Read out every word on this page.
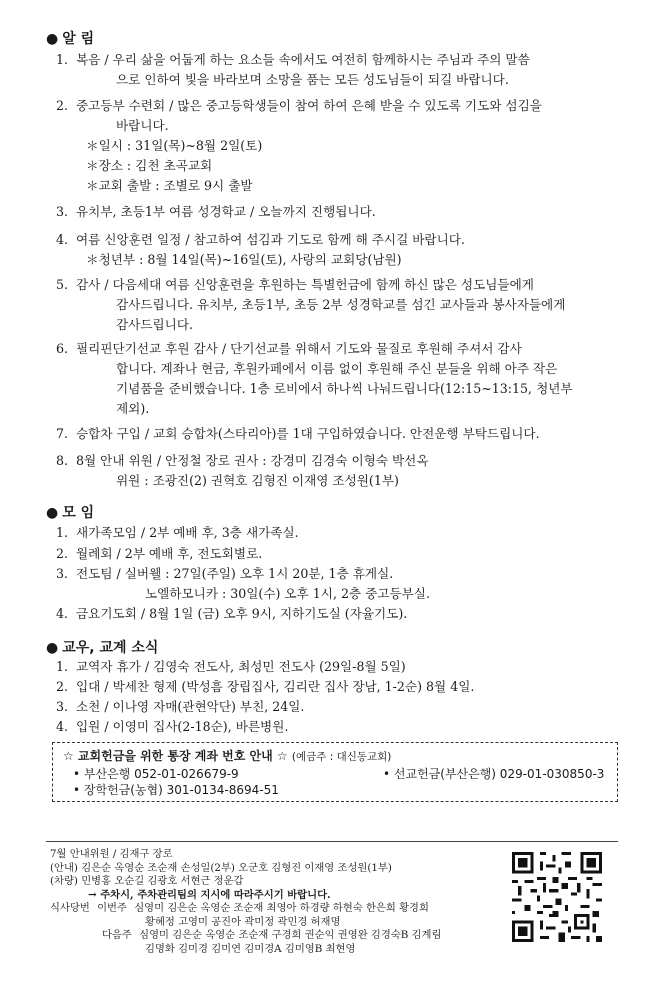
● 알 림
1. 복음 / 우리 삶을 어둡게 하는 요소들 속에서도 여전히 함께하시는 주님과 주의 말씀
으로 인하여 빛을 바라보며 소망을 품는 모든 성도님들이 되길 바랍니다.
2. 중고등부 수련회 / 많은 중고등학생들이 참여 하여 은혜 받을 수 있도록 기도와 섬김을
바랍니다.
＊일시 : 31일(목)~8월 2일(토)
＊장소 : 김천 초곡교회
＊교회 출발 : 조별로 9시 출발
3. 유치부, 초등1부 여름 성경학교 / 오늘까지 진행됩니다.
4. 여름 신앙훈련 일정 / 참고하여 섬김과 기도로 함께 해 주시길 바랍니다.
＊청년부 : 8월 14일(목)~16일(토), 사랑의 교회당(남원)
5. 감사 / 다음세대 여름 신앙훈련을 후원하는 특별헌금에 함께 하신 많은 성도님들에게
감사드립니다. 유치부, 초등1부, 초등 2부 성경학교를 섬긴 교사들과 봉사자들에게
감사드립니다.
6. 필리핀단기선교 후원 감사 / 단기선교를 위해서 기도와 물질로 후원해 주셔서 감사
합니다. 계좌나 현금, 후원카페에서 이름 없이 후원해 주신 분들을 위해 아주 작은
기념품을 준비했습니다. 1층 로비에서 하나씩 나눠드립니다(12:15~13:15, 청년부
제외).
7. 승합차 구입 / 교회 승합차(스타리아)를 1대 구입하였습니다. 안전운행 부탁드립니다.
8. 8월 안내 위원 / 안정철 장로 권사 : 강경미 김경숙 이형숙 박선옥
위원 : 조광진(2) 권혁호 김형진 이재영 조성원(1부)
● 모 임
1. 새가족모임 / 2부 예배 후, 3층 새가족실.
2. 월례회 / 2부 예배 후, 전도회별로.
3. 전도팀 / 실버웰 : 27일(주일) 오후 1시 20분, 1층 휴게실.
노엘하모니카 : 30일(수) 오후 1시, 2층 중고등부실.
4. 금요기도회 / 8월 1일 (금) 오후 9시, 지하기도실 (자율기도).
● 교우, 교계 소식
1. 교역자 휴가 / 김영숙 전도사, 최성민 전도사 (29일-8월 5일)
2. 입대 / 박세찬 형제 (박성흠 장립집사, 김리란 집사 장남, 1-2순) 8월 4일.
3. 소천 / 이나영 자매(관현악단) 부친, 24일.
4. 입원 / 이영미 집사(2-18순), 바른병원.
☆ 교회헌금을 위한 통장 계좌 번호 안내 ☆ (예금주 : 대신동교회)
• 부산은행 052-01-026679-9	• 선교헌금(부산은행) 029-01-030850-3
• 장학헌금(농협) 301-0134-8694-51
7월 안내위원 / 김재구 장로
(안내) 김은순 옥영순 조순재 손성일(2부) 오군호 김형진 이재영 조성원(1부)
(차량) 민병홍 오순길 김광호 서현근 정운갑
→ 주차시, 주차관리팀의 지시에 따라주시기 바랍니다.
식사당번 이번주 심영미 김은순 옥영순 조순재 최영아 하경량 하현숙 한은희 황경희
황혜정 고영미 공진아 곽미정 곽민경 허재명
다음주 심영미 김은순 옥영순 조순재 구경희 권순익 권영완 김경숙B 김계림
김명화 김미경 김미연 김미경A 김미영B 최현영
